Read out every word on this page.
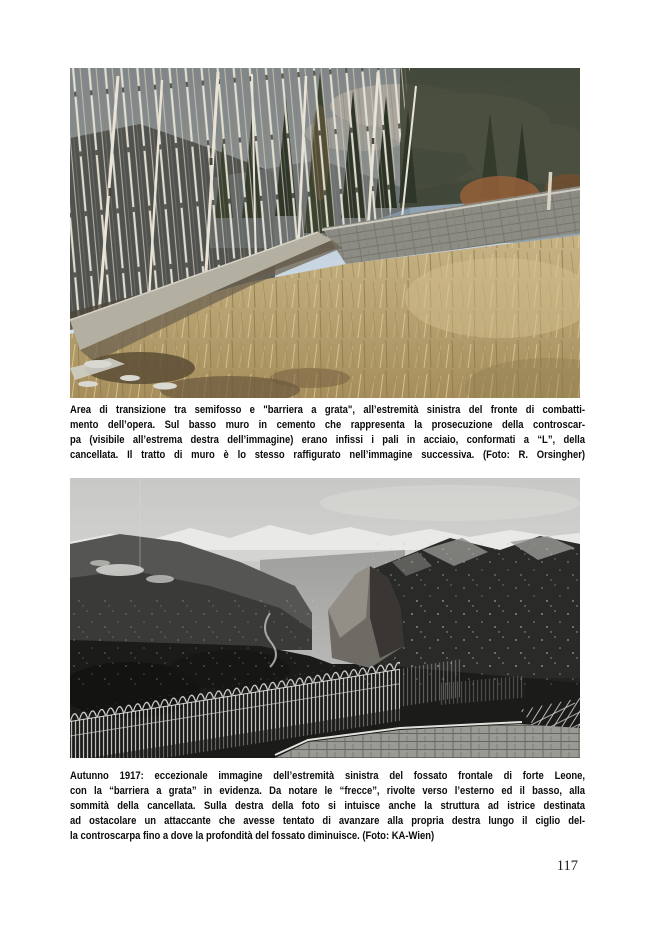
Area di transizione tra semifosso e "barriera a grata", all’estremità sinistra del fronte di combatti-
mento dell’opera. Sul basso muro in cemento che rappresenta la prosecuzione della controscar-
pa (visibile all’estrema destra dell’immagine) erano infissi i pali in acciaio, conformati a “L”, della
cancellata. Il tratto di muro è lo stesso raffigurato nell’immagine successiva. (Foto: R. Orsingher)
Autunno 1917: eccezionale immagine dell’estremità sinistra del fossato frontale di forte Leone,
con la “barriera a grata” in evidenza. Da notare le “frecce”, rivolte verso l’esterno ed il basso, alla
sommità della cancellata. Sulla destra della foto si intuisce anche la struttura ad istrice destinata
ad ostacolare un attaccante che avesse tentato di avanzare alla propria destra lungo il ciglio del-
la controscarpa fino a dove la profondità del fossato diminuisce. (Foto: KA-Wien)
117
